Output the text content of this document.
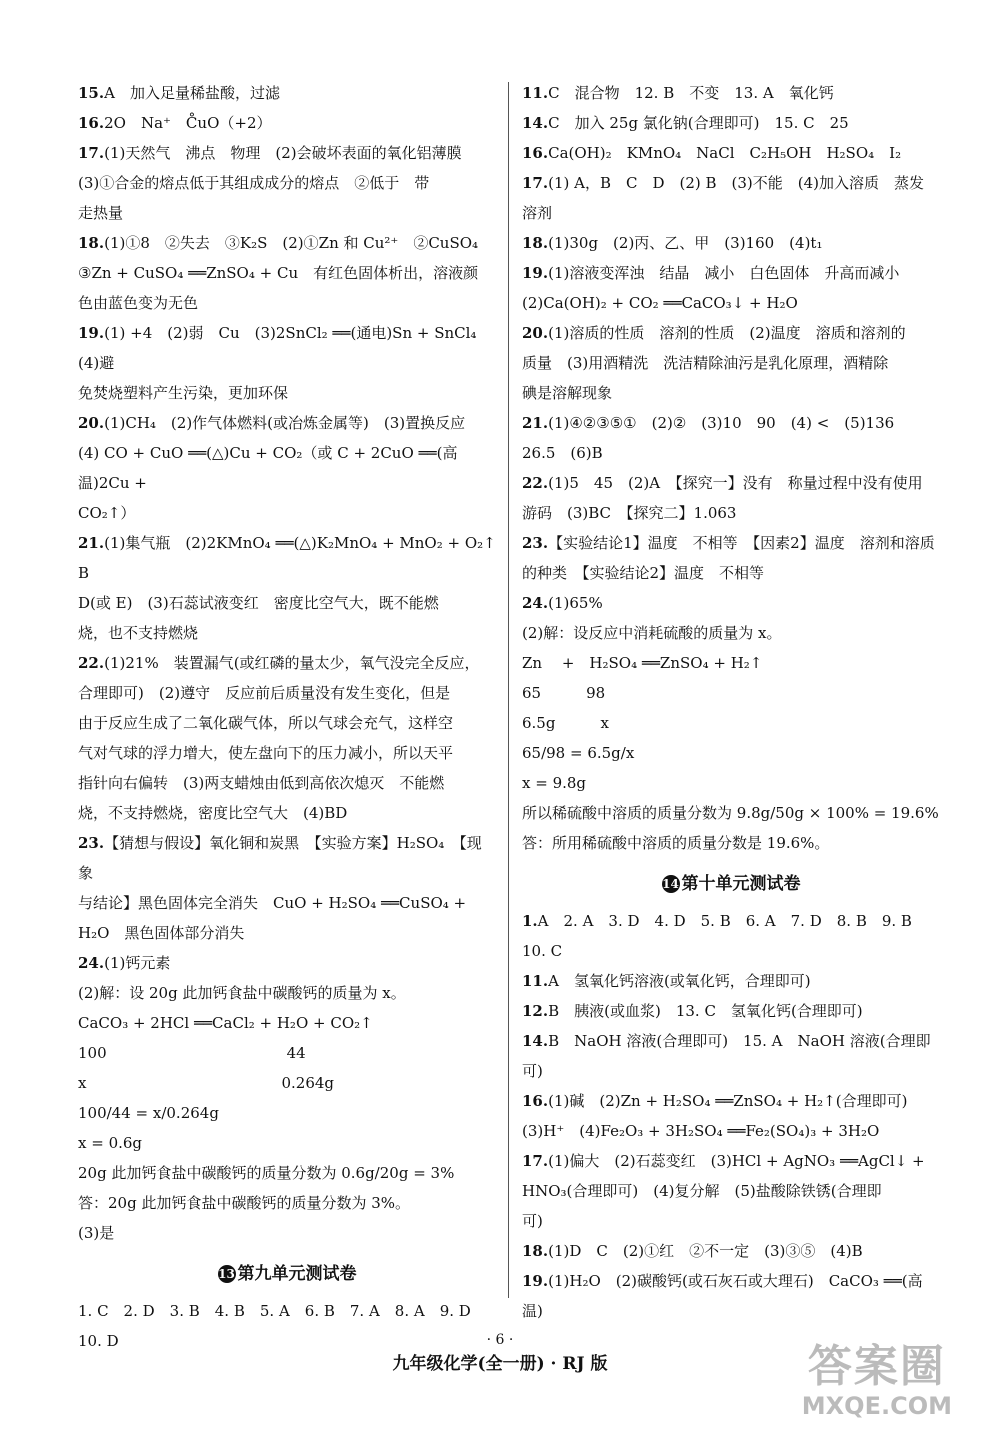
15.A　加入足量稀盐酸，过滤

16.2O　Na⁺　C̊uO（+2）

17.(1)天然气　沸点　物理　(2)会破坏表面的氧化铝薄膜

(3)①合金的熔点低于其组成成分的熔点　②低于　带

走热量

18.(1)①8　②失去　③K₂S　(2)①Zn 和 Cu²⁺　②CuSO₄

③Zn + CuSO₄ ══ZnSO₄ + Cu　有红色固体析出，溶液颜

色由蓝色变为无色

19.(1) +4　(2)弱　Cu　(3)2SnCl₂ ══(通电)Sn + SnCl₄　(4)避

免焚烧塑料产生污染，更加环保

20.(1)CH₄　(2)作气体燃料(或冶炼金属等)　(3)置换反应

(4) CO + CuO ══(△)Cu + CO₂（或 C + 2CuO ══(高温)2Cu +

CO₂↑）

21.(1)集气瓶　(2)2KMnO₄ ══(△)K₂MnO₄ + MnO₂ + O₂↑　B

D(或 E)　(3)石蕊试液变红　密度比空气大，既不能燃

烧，也不支持燃烧

22.(1)21%　装置漏气(或红磷的量太少，氧气没完全反应，

合理即可)　(2)遵守　反应前后质量没有发生变化，但是

由于反应生成了二氧化碳气体，所以气球会充气，这样空

气对气球的浮力增大，使左盘向下的压力减小，所以天平

指针向右偏转　(3)两支蜡烛由低到高依次熄灭　不能燃

烧，不支持燃烧，密度比空气大　(4)BD

23.【猜想与假设】氧化铜和炭黑　【实验方案】H₂SO₄　【现象

与结论】黑色固体完全消失　CuO + H₂SO₄ ══CuSO₄ +

H₂O　黑色固体部分消失

24.(1)钙元素

(2)解：设 20g 此加钙食盐中碳酸钙的质量为 x。

CaCO₃ + 2HCl ══CaCl₂ + H₂O + CO₂↑

100　　　　　　　　　　　　44

x　　　　　　　　　　　　　0.264g

100/44 = x/0.264g

x = 0.6g

20g 此加钙食盐中碳酸钙的质量分数为 0.6g/20g = 3%

答：20g 此加钙食盐中碳酸钙的质量分数为 3%。

(3)是

13 第九单元测试卷

1. C　2. D　3. B　4. B　5. A　6. B　7. A　8. A　9. D　10. D

11.C　混合物　12. B　不变　13. A　氧化钙

14.C　加入 25g 氯化钠(合理即可)　15. C　25

16.Ca(OH)₂　KMnO₄　NaCl　C₂H₅OH　H₂SO₄　I₂

17.(1) A，B　C　D　(2) B　(3)不能　(4)加入溶质　蒸发

溶剂

18.(1)30g　(2)丙、乙、甲　(3)160　(4)t₁

19.(1)溶液变浑浊　结晶　减小　白色固体　升高而减小

(2)Ca(OH)₂ + CO₂ ══CaCO₃↓ + H₂O

20.(1)溶质的性质　溶剂的性质　(2)温度　溶质和溶剂的

质量　(3)用酒精洗　洗洁精除油污是乳化原理，酒精除

碘是溶解现象

21.(1)④②③⑤①　(2)②　(3)10　90　(4) <　(5)136

26.5　(6)B

22.(1)5　45　(2)A　【探究一】没有　称量过程中没有使用

游码　(3)BC　【探究二】1.063

23.【实验结论1】温度　不相等　【因素2】温度　溶剂和溶质

的种类　【实验结论2】温度　不相等

24.(1)65%

(2)解：设反应中消耗硫酸的质量为 x。

Zn　 +　H₂SO₄ ══ZnSO₄ + H₂↑

65　　　98

6.5g　　　x

65/98 = 6.5g/x

x = 9.8g

所以稀硫酸中溶质的质量分数为 9.8g/50g × 100% = 19.6%

答：所用稀硫酸中溶质的质量分数是 19.6%。

14 第十单元测试卷

1.A　2. A　3. D　4. D　5. B　6. A　7. D　8. B　9. B　10. C

11.A　氢氧化钙溶液(或氧化钙，合理即可)

12.B　胰液(或血浆)　13. C　氢氧化钙(合理即可)

14.B　NaOH 溶液(合理即可)　15. A　NaOH 溶液(合理即可)

16.(1)碱　(2)Zn + H₂SO₄ ══ZnSO₄ + H₂↑(合理即可)

(3)H⁺　(4)Fe₂O₃ + 3H₂SO₄ ══Fe₂(SO₄)₃ + 3H₂O

17.(1)偏大　(2)石蕊变红　(3)HCl + AgNO₃ ══AgCl↓ +

HNO₃(合理即可)　(4)复分解　(5)盐酸除铁锈(合理即

可)

18.(1)D　C　(2)①红　②不一定　(3)③⑤　(4)B

19.(1)H₂O　(2)碳酸钙(或石灰石或大理石)　CaCO₃ ══(高温)

· 6 ·
九年级化学(全一册) · RJ 版	答案圈
MXQE.COM
